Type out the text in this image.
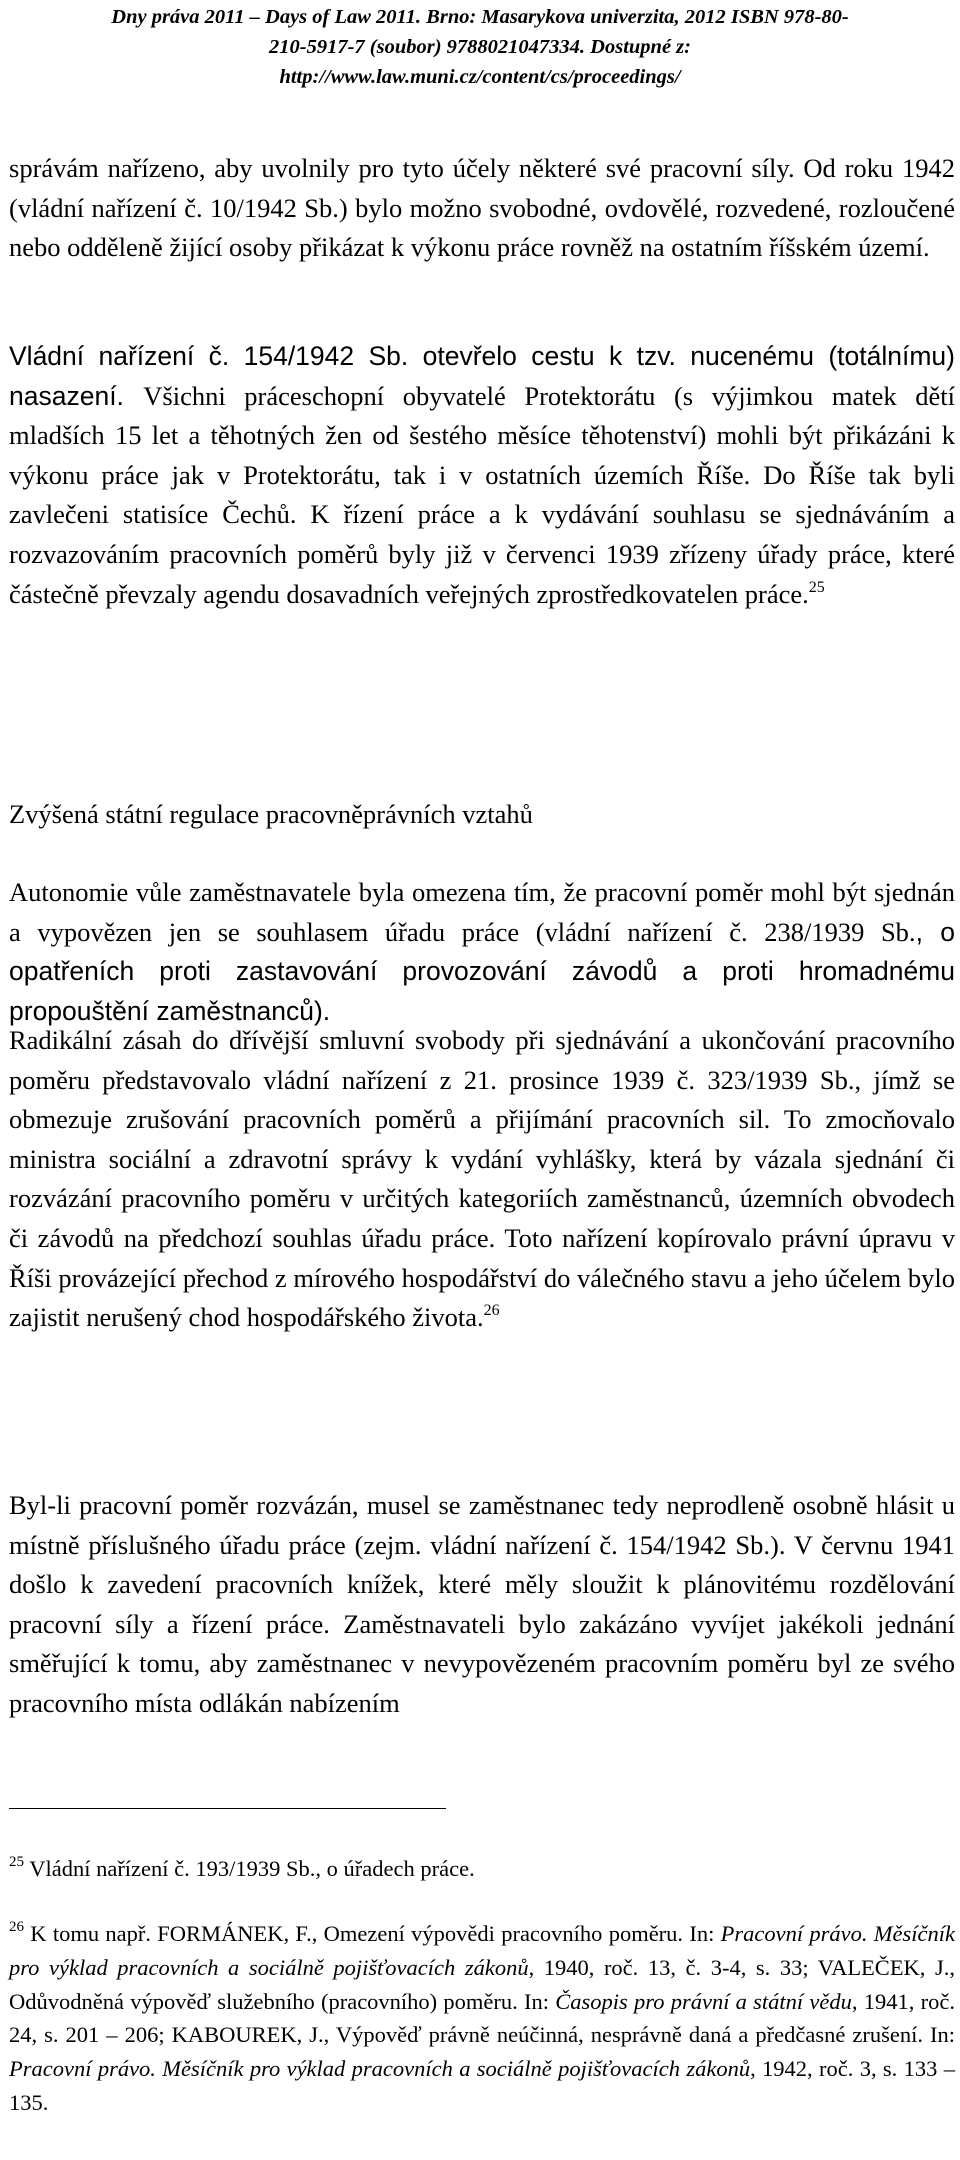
Dny práva 2011 – Days of Law 2011. Brno: Masarykova univerzita, 2012 ISBN 978-80-
210-5917-7 (soubor) 9788021047334. Dostupné z:
http://www.law.muni.cz/content/cs/proceedings/

správám nařízeno, aby uvolnily pro tyto účely některé své pracovní síly. Od roku 1942 (vládní nařízení č. 10/1942 Sb.) bylo možno svobodné, ovdovělé, rozvedené, rozloučené nebo odděleně žijící osoby přikázat k výkonu práce rovněž na ostatním říšském území.

Vládní nařízení č. 154/1942 Sb. otevřelo cestu k tzv. nucenému (totálnímu) nasazení. Všichni práceschopní obyvatelé Protektorátu (s výjimkou matek dětí mladších 15 let a těhotných žen od šestého měsíce těhotenství) mohli být přikázáni k výkonu práce jak v Protektorátu, tak i v ostatních územích Říše. Do Říše tak byli zavlečeni statisíce Čechů. K řízení práce a k vydávání souhlasu se sjednáváním a rozvazováním pracovních poměrů byly již v červenci 1939 zřízeny úřady práce, které částečně převzaly agendu dosavadních veřejných zprostředkovatelen práce.$^{25}$

Zvýšená státní regulace pracovněprávních vztahů

Autonomie vůle zaměstnavatele byla omezena tím, že pracovní poměr mohl být sjednán a vypovězen jen se souhlasem úřadu práce (vládní nařízení č. 238/1939 Sb., o opatřeních proti zastavování provozování závodů a proti hromadnému propouštění zaměstnanců).

Radikální zásah do dřívější smluvní svobody při sjednávání a ukončování pracovního poměru představovalo vládní nařízení z 21. prosince 1939 č. 323/1939 Sb., jímž se obmezuje zrušování pracovních poměrů a přijímání pracovních sil. To zmocňovalo ministra sociální a zdravotní správy k vydání vyhlášky, která by vázala sjednání či rozvázání pracovního poměru v určitých kategoriích zaměstnanců, územních obvodech či závodů na předchozí souhlas úřadu práce. Toto nařízení kopírovalo právní úpravu v Říši provázející přechod z mírového hospodářství do válečného stavu a jeho účelem bylo zajistit nerušený chod hospodářského života.$^{26}$

Byl-li pracovní poměr rozvázán, musel se zaměstnanec tedy neprodleně osobně hlásit u místně příslušného úřadu práce (zejm. vládní nařízení č. 154/1942 Sb.). V červnu 1941 došlo k zavedení pracovních knížek, které měly sloužit k plánovitému rozdělování pracovní síly a řízení práce. Zaměstnavateli bylo zakázáno vyvíjet jakékoli jednání směřující k tomu, aby zaměstnanec v nevypovězeném pracovním poměru byl ze svého pracovního místa odlákán nabízením

$^{25}$ Vládní nařízení č. 193/1939 Sb., o úřadech práce.
$^{26}$ K tomu např. FORMÁNEK, F., Omezení výpovědi pracovního poměru. In: Pracovní právo. Měsíčník pro výklad pracovních a sociálně pojišťovacích zákonů, 1940, roč. 13, č. 3-4, s. 33; VALEČEK, J., Odůvodněná výpověď služebního (pracovního) poměru. In: Časopis pro právní a státní vědu, 1941, roč. 24, s. 201 – 206; KABOUREK, J., Výpověď právně neúčinná, nesprávně daná a předčasné zrušení. In: Pracovní právo. Měsíčník pro výklad pracovních a sociálně pojišťovacích zákonů, 1942, roč. 3, s. 133 – 135.
